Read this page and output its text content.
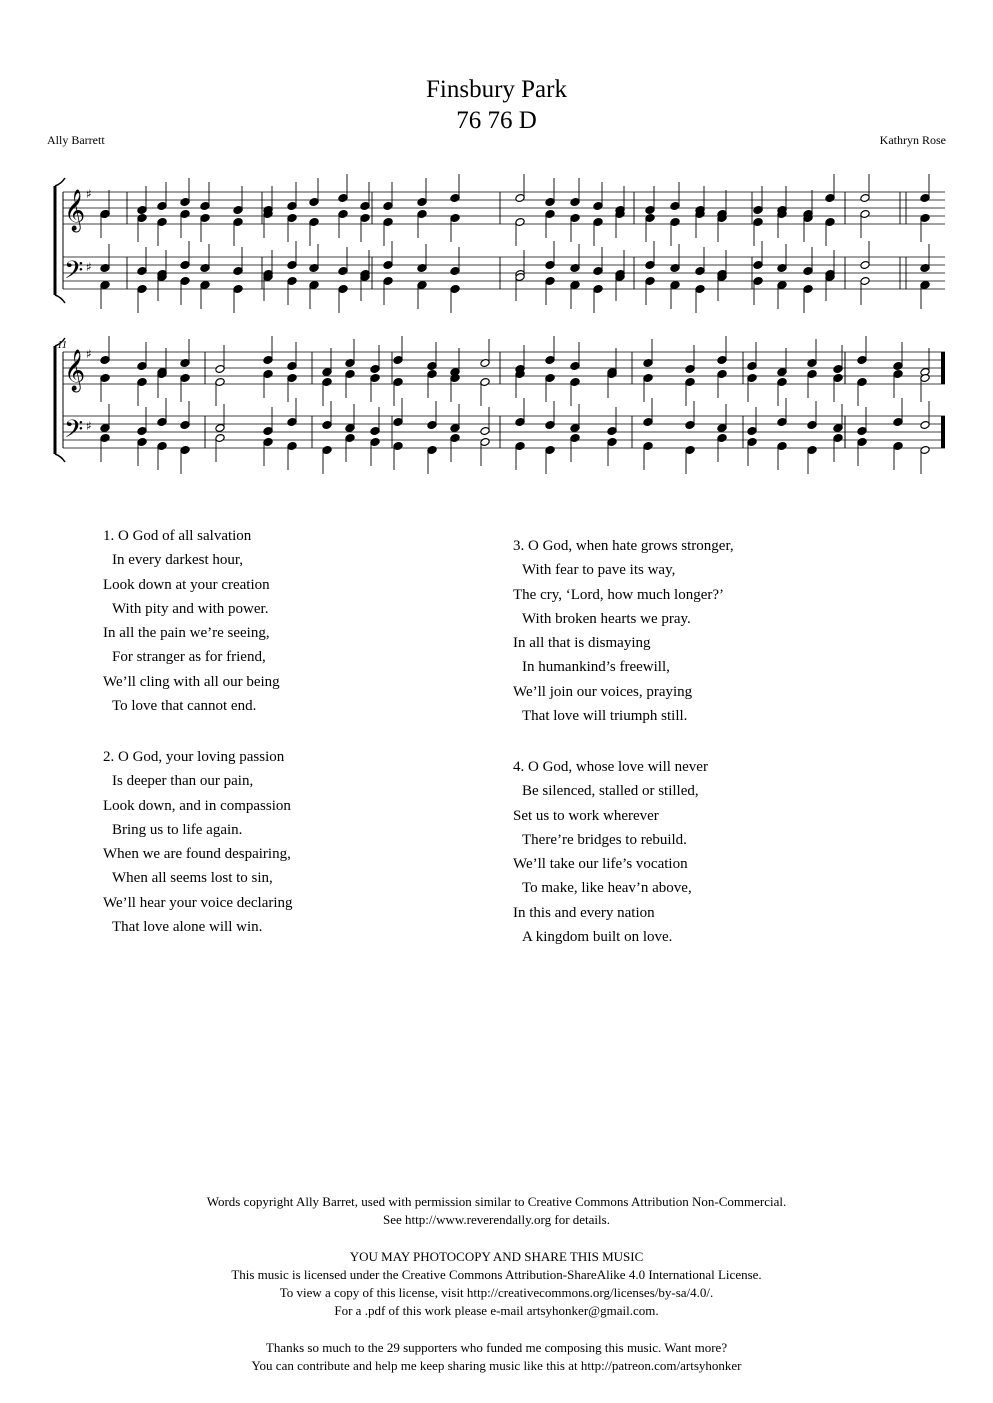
Finsbury Park
76 76 D
Ally Barrett	Kathryn Rose
𝄞
𝄢
♯
♯
𝄞
𝄢
♯
♯
11
1. O God of all salvation
In every darkest hour,
Look down at your creation
With pity and with power.
In all the pain we’re seeing,
For stranger as for friend,
We’ll cling with all our being
To love that cannot end.
2. O God, your loving passion
Is deeper than our pain,
Look down, and in compassion
Bring us to life again.
When we are found despairing,
When all seems lost to sin,
We’ll hear your voice declaring
That love alone will win.
3. O God, when hate grows stronger,
With fear to pave its way,
The cry, ‘Lord, how much longer?’
With broken hearts we pray.
In all that is dismaying
In humankind’s freewill,
We’ll join our voices, praying
That love will triumph still.
4. O God, whose love will never
Be silenced, stalled or stilled,
Set us to work wherever
There’re bridges to rebuild.
We’ll take our life’s vocation
To make, like heav’n above,
In this and every nation
A kingdom built on love.
Words copyright Ally Barret, used with permission similar to Creative Commons Attribution Non-Commercial.
See http://www.reverendally.org for details.
YOU MAY PHOTOCOPY AND SHARE THIS MUSIC
This music is licensed under the Creative Commons Attribution-ShareAlike 4.0 International License.
To view a copy of this license, visit http://creativecommons.org/licenses/by-sa/4.0/.
For a .pdf of this work please e-mail artsyhonker@gmail.com.
Thanks so much to the 29 supporters who funded me composing this music. Want more?
You can contribute and help me keep sharing music like this at http://patreon.com/artsyhonker
